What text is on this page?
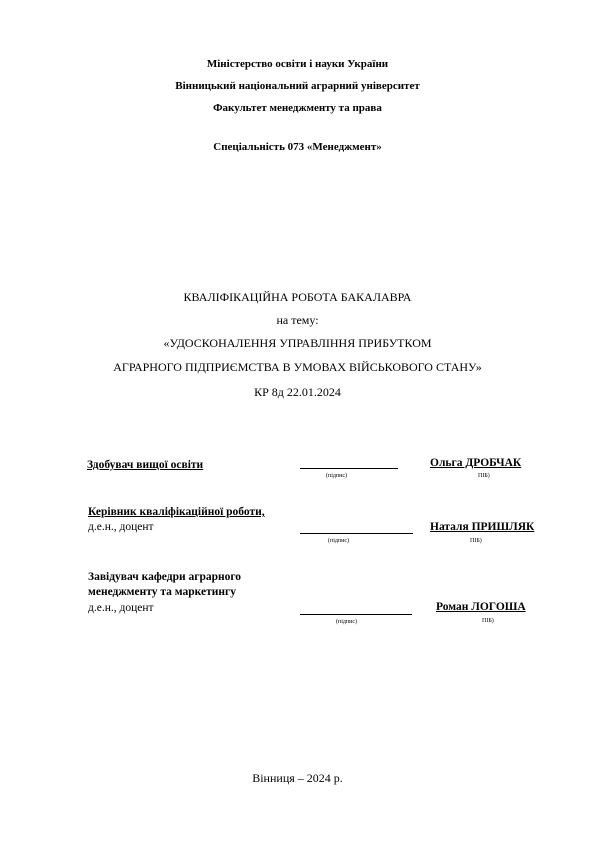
Міністерство освіти і науки України
Вінницький національний аграрний університет
Факультет менеджменту та права
Спеціальність 073 «Менеджмент»
КВАЛІФІКАЦІЙНА РОБОТА БАКАЛАВРА
на тему:
«УДОСКОНАЛЕННЯ УПРАВЛІННЯ ПРИБУТКОМ
АГРАРНОГО ПІДПРИЄМСТВА В УМОВАХ ВІЙСЬКОВОГО СТАНУ»
КР 8д 22.01.2024
Здобувач вищої освіти
(підпис)
Ольга ДРОБЧАК
ПІБ)
Керівник кваліфікаційної роботи,
д.е.н., доцент
(підпис)
Наталя ПРИШЛЯК
ПІБ)
Завідувач кафедри аграрного
менеджменту та маркетингу
д.е.н., доцент
(підпис)
Роман ЛОГОША
ПІБ)
Вінниця – 2024 р.
